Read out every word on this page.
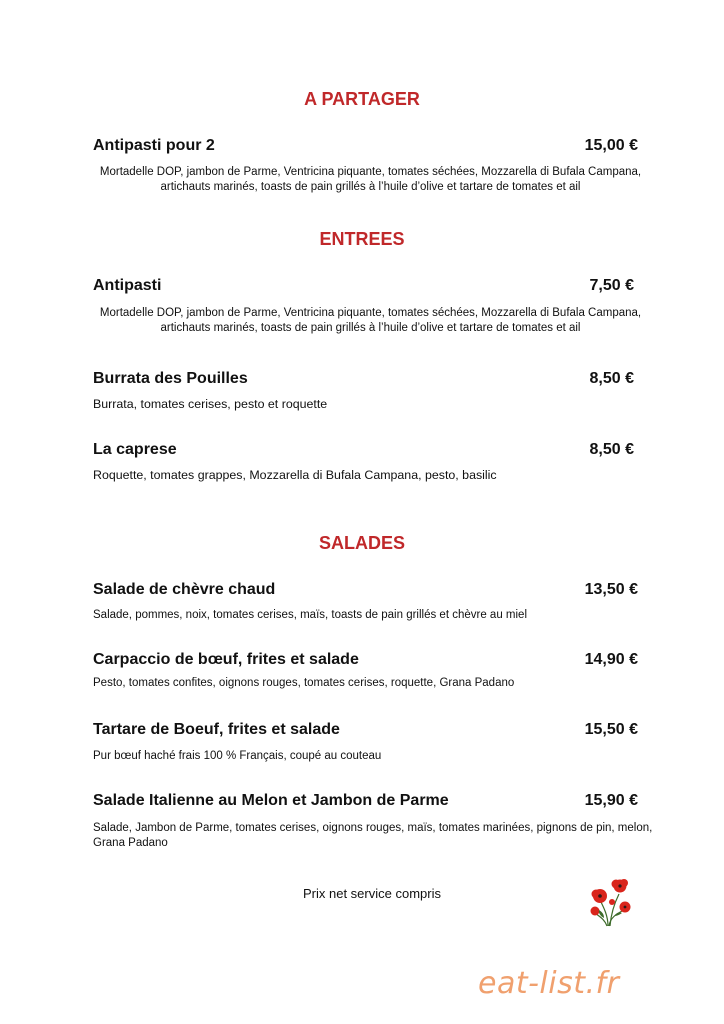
A PARTAGER
Antipasti pour 2	15,00 €
Mortadelle DOP, jambon de Parme, Ventricina piquante, tomates séchées, Mozzarella di Bufala Campana, artichauts marinés, toasts de pain grillés à l’huile d’olive et tartare de tomates et ail
ENTREES
Antipasti	7,50 €
Mortadelle DOP, jambon de Parme, Ventricina piquante, tomates séchées, Mozzarella di Bufala Campana, artichauts marinés, toasts de pain grillés à l’huile d’olive et tartare de tomates et ail
Burrata des Pouilles	8,50 €
Burrata, tomates cerises, pesto et roquette
La caprese	8,50 €
Roquette, tomates grappes, Mozzarella di Bufala Campana, pesto, basilic
SALADES
Salade de chèvre chaud	13,50 €
Salade, pommes, noix, tomates cerises, maïs, toasts de pain grillés et chèvre au miel
Carpaccio de bœuf, frites et salade	14,90 €
Pesto, tomates confites, oignons rouges, tomates cerises, roquette, Grana Padano
Tartare de Boeuf, frites et salade	15,50 €
Pur bœuf haché frais 100 % Français, coupé au couteau
Salade Italienne au Melon et Jambon de Parme	15,90 €
Salade, Jambon de Parme, tomates cerises, oignons rouges, maïs, tomates marinées, pignons de pin, melon, Grana Padano
Prix net service compris
eat-list.fr
